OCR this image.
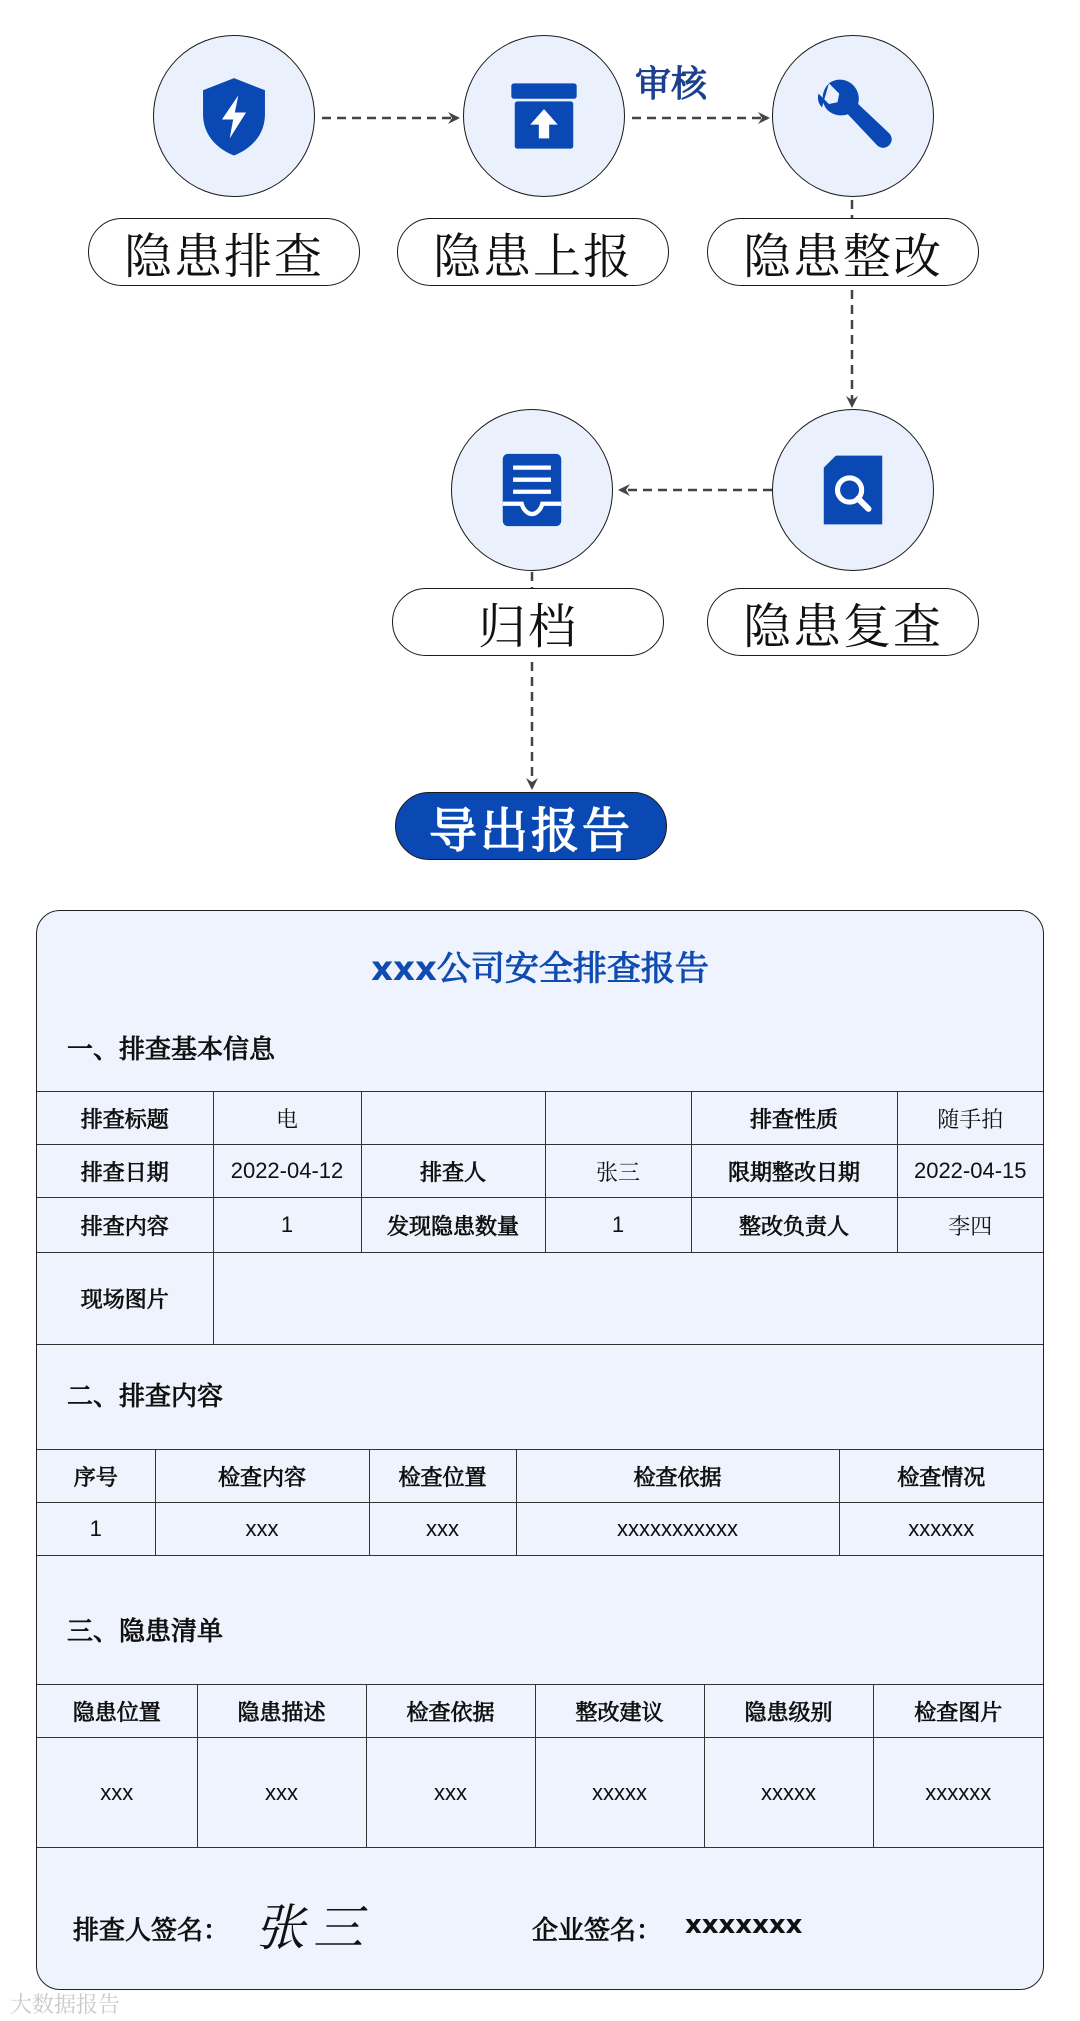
隐患排查	隐患上报
审核
隐患整改
隐患复查
归档
导出报告
xxx公司安全排查报告
一、排查基本信息
排查标题	电			排查性质	随手拍
排查日期	2022-04-12	排查人	张三	限期整改日期	2022-04-15
排查内容	1	发现隐患数量	1	整改负责人	李四
现场图片					

二、排查内容
序号	检查内容	检查位置	检查依据	检查情况
1	xxx	xxx	xxxxxxxxxxx	xxxxxx
三、隐患清单
隐患位置	隐患描述	检查依据	整改建议	隐患级别	检查图片
xxx	xxx	xxx	xxxxx	xxxxx	xxxxxx
排查人签名： 张三	企业签名： xxxxxxx
大数据报告
